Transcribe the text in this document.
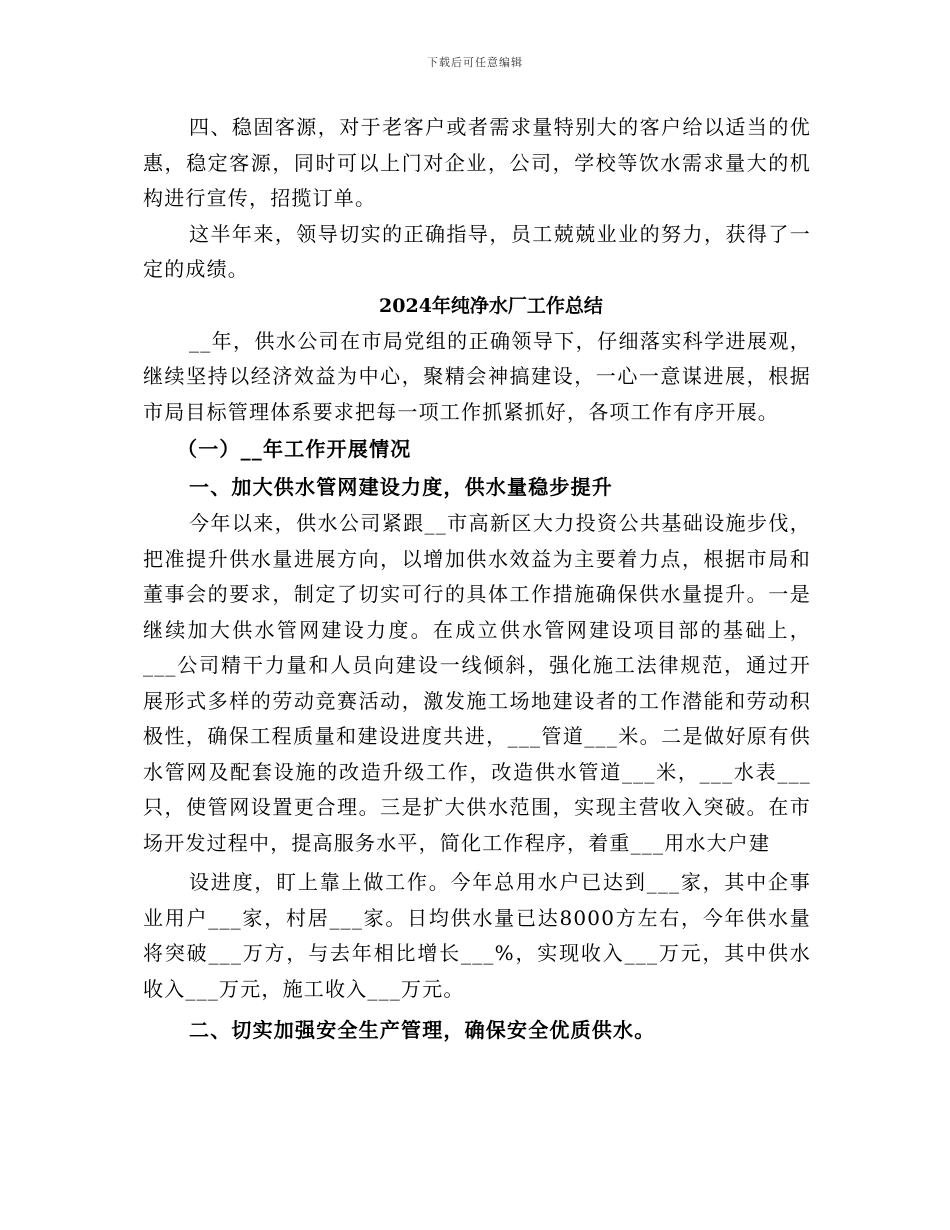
下载后可任意编辑

四、稳固客源，对于老客户或者需求量特别大的客户给以适当的优惠，稳定客源，同时可以上门对企业，公司，学校等饮水需求量大的机构进行宣传，招揽订单。

这半年来，领导切实的正确指导，员工兢兢业业的努力，获得了一定的成绩。

2024年纯净水厂工作总结

__年，供水公司在市局党组的正确领导下，仔细落实科学进展观，继续坚持以经济效益为中心，聚精会神搞建设，一心一意谋进展，根据市局目标管理体系要求把每一项工作抓紧抓好，各项工作有序开展。

（一）__年工作开展情况

一、加大供水管网建设力度，供水量稳步提升

今年以来，供水公司紧跟__市高新区大力投资公共基础设施步伐，把准提升供水量进展方向，以增加供水效益为主要着力点，根据市局和董事会的要求，制定了切实可行的具体工作措施确保供水量提升。一是继续加大供水管网建设力度。在成立供水管网建设项目部的基础上，___公司精干力量和人员向建设一线倾斜，强化施工法律规范，通过开展形式多样的劳动竞赛活动，激发施工场地建设者的工作潜能和劳动积极性，确保工程质量和建设进度共进，___管道___米。二是做好原有供水管网及配套设施的改造升级工作，改造供水管道___米，___水表___只，使管网设置更合理。三是扩大供水范围，实现主营收入突破。在市场开发过程中，提高服务水平，简化工作程序，着重___用水大户建

设进度，盯上靠上做工作。今年总用水户已达到___家，其中企事业用户___家，村居___家。日均供水量已达8000方左右，今年供水量将突破___万方，与去年相比增长___%，实现收入___万元，其中供水收入___万元，施工收入___万元。

二、切实加强安全生产管理，确保安全优质供水。
